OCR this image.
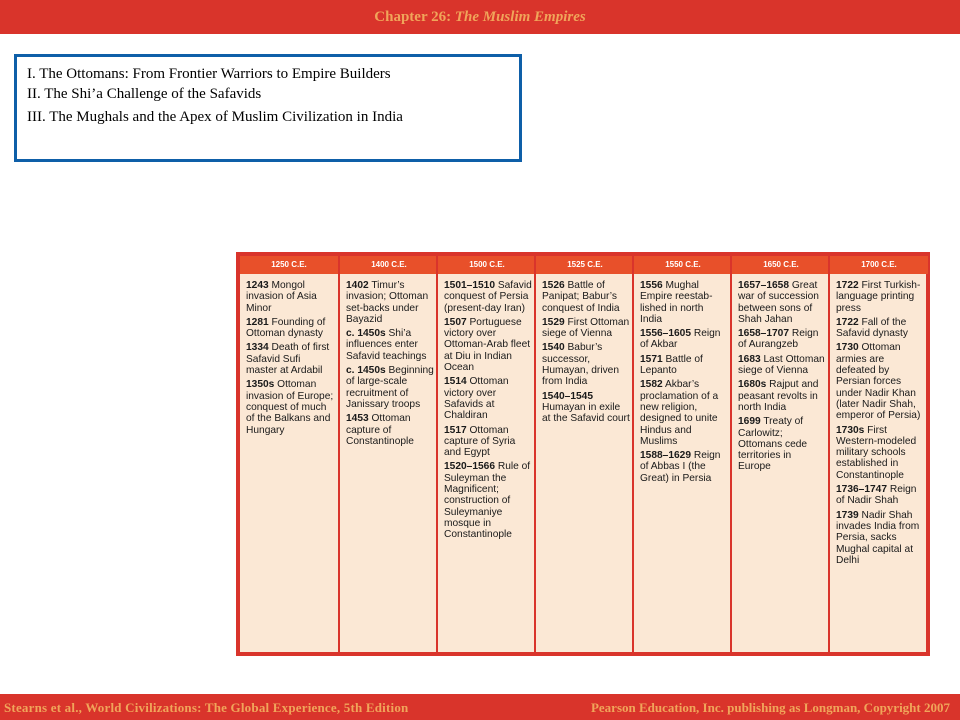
Chapter 26: The Muslim Empires
I. The Ottomans: From Frontier Warriors to Empire Builders
II. The Shi’a Challenge of the Safavids
III. The Mughals and the Apex of Muslim Civilization in India
1250 C.E.
1243 Mongol invasion of Asia Minor
1281 Founding of Ottoman dynasty
1334 Death of first Safavid Sufi master at Ardabil
1350s Ottoman invasion of Europe; conquest of much of the Balkans and Hungary
1400 C.E.
1402 Timur’s invasion; Ottoman set-backs under Bayazid
c. 1450s Shi’a influences enter Safavid teachings
c. 1450s Beginning of large-scale recruitment of Janissary troops
1453 Ottoman capture of Constantinople
1500 C.E.
1501–1510 Safavid conquest of Persia (present-day Iran)
1507 Portuguese victory over Ottoman-Arab fleet at Diu in Indian Ocean
1514 Ottoman victory over Safavids at Chaldiran
1517 Ottoman capture of Syria and Egypt
1520–1566 Rule of Suleyman the Magnificent; construction of Suleymaniye mosque in Constantinople
1525 C.E.
1526 Battle of Panipat; Babur’s conquest of India
1529 First Ottoman siege of Vienna
1540 Babur’s successor, Humayan, driven from India
1540–1545 Humayan in exile at the Safavid court
1550 C.E.
1556 Mughal Empire reestab-lished in north India
1556–1605 Reign of Akbar
1571 Battle of Lepanto
1582 Akbar’s proclamation of a new religion, designed to unite Hindus and Muslims
1588–1629 Reign of Abbas I (the Great) in Persia
1650 C.E.
1657–1658 Great war of succession between sons of Shah Jahan
1658–1707 Reign of Aurangzeb
1683 Last Ottoman siege of Vienna
1680s Rajput and peasant revolts in north India
1699 Treaty of Carlowitz; Ottomans cede territories in Europe
1700 C.E.
1722 First Turkish-language printing press
1722 Fall of the Safavid dynasty
1730 Ottoman armies are defeated by Persian forces under Nadir Khan (later Nadir Shah, emperor of Persia)
1730s First Western-modeled military schools established in Constantinople
1736–1747 Reign of Nadir Shah
1739 Nadir Shah invades India from Persia, sacks Mughal capital at Delhi
Stearns et al., World Civilizations: The Global Experience, 5th Edition	Pearson Education, Inc. publishing as Longman, Copyright 2007
